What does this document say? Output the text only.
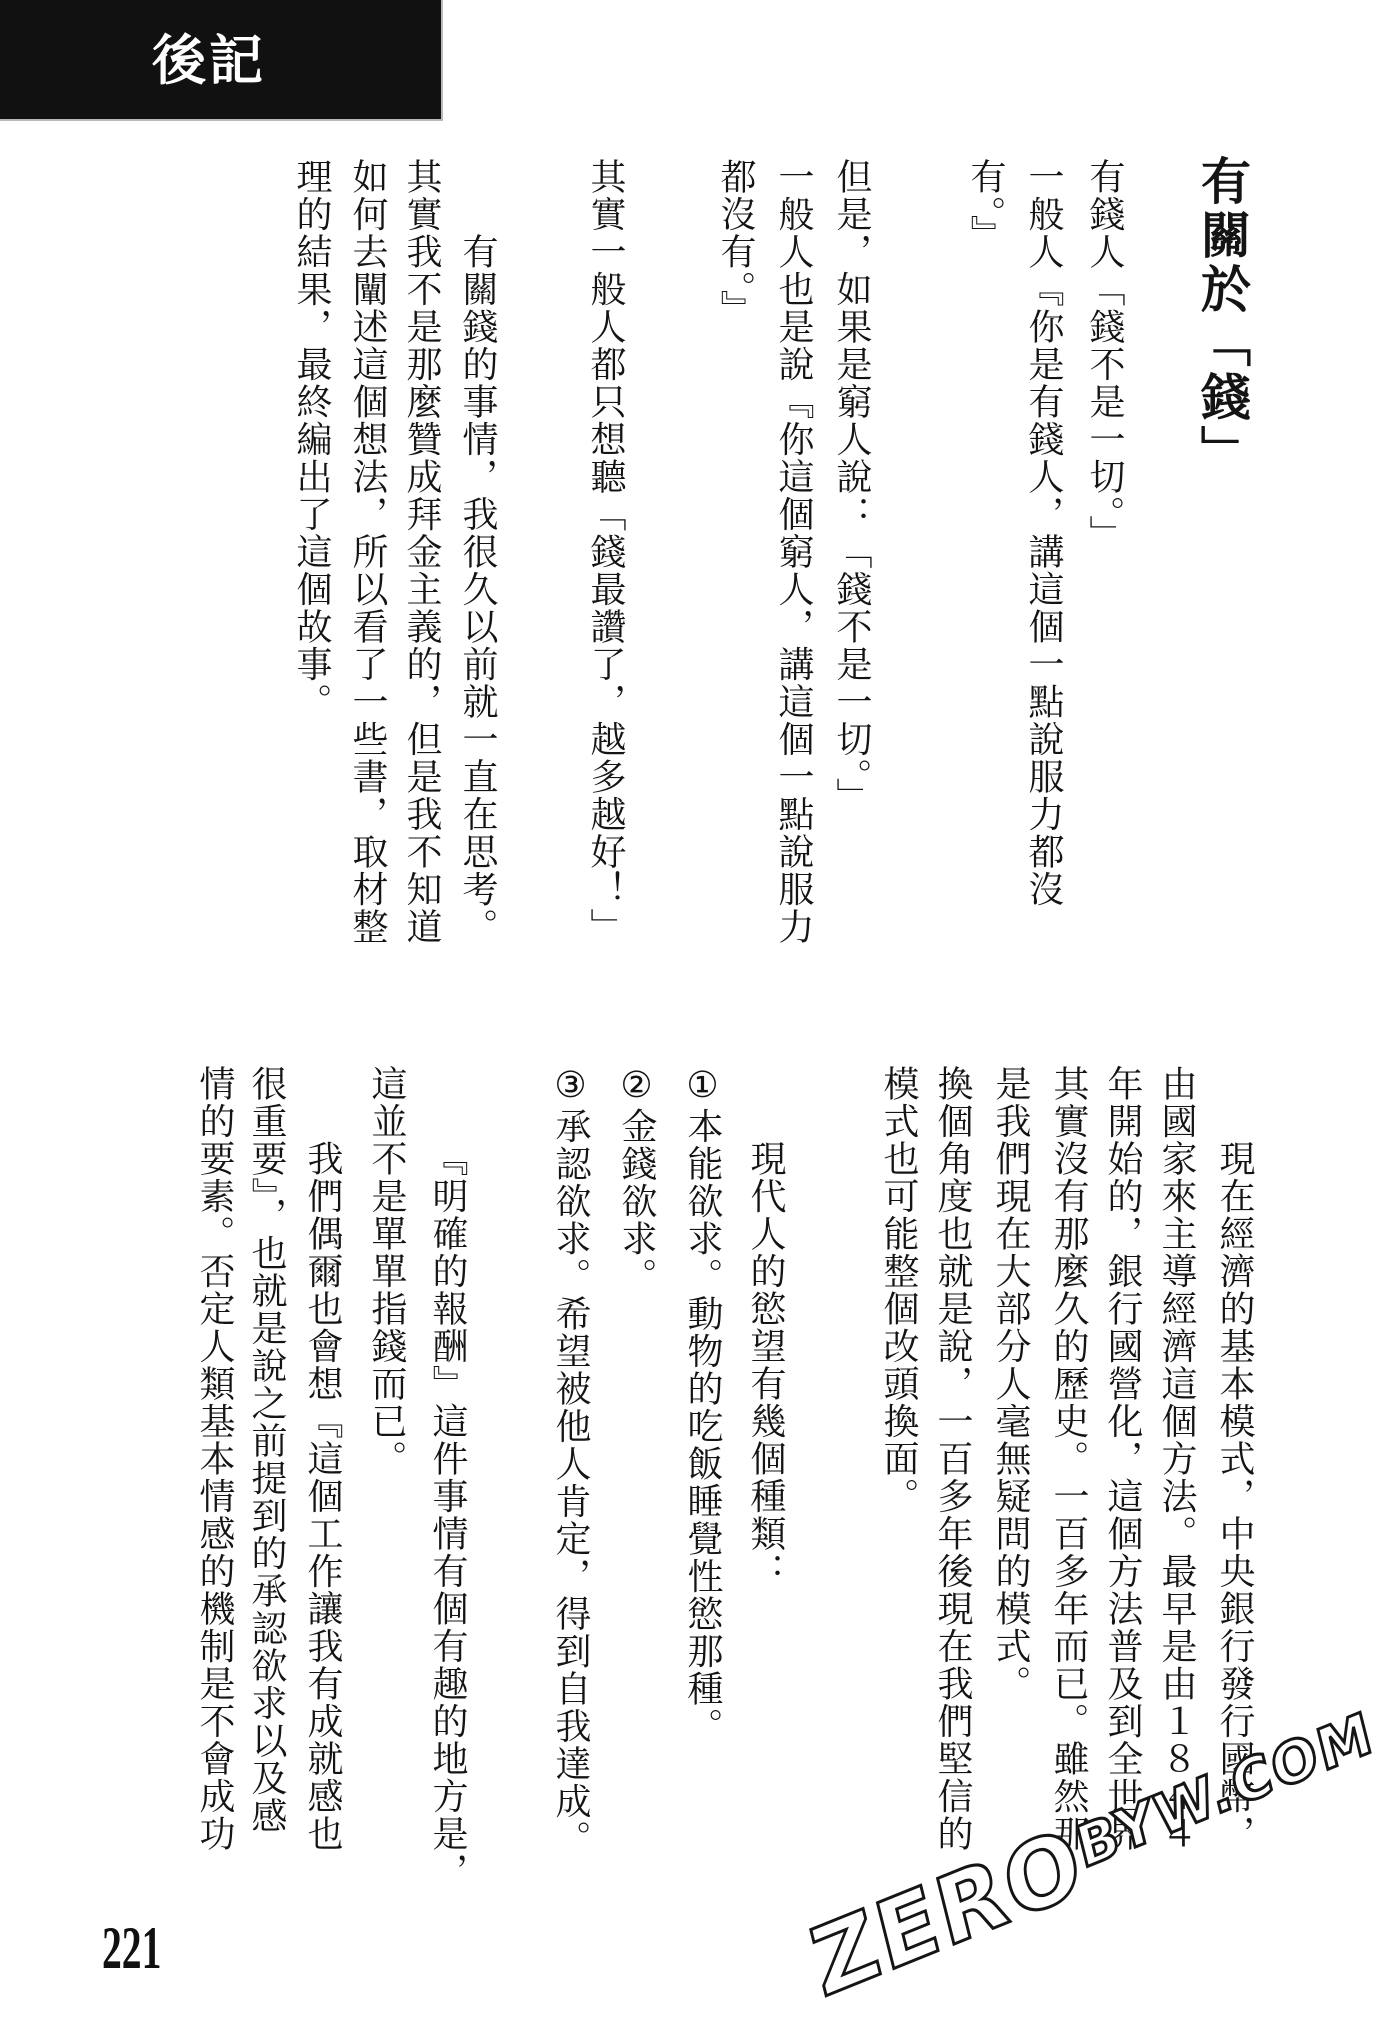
後記
有關於「錢」
有錢人「錢不是一切。」
一般人『你是有錢人，講這個一點說服力都沒
有。』
但是，如果是窮人說：「錢不是一切。」
一般人也是說『你這個窮人，講這個一點說服力
都沒有。』
其實一般人都只想聽「錢最讚了，越多越好！」
有關錢的事情，我很久以前就一直在思考。
其實我不是那麼贊成拜金主義的，但是我不知道
如何去闡述這個想法，所以看了一些書，取材整
理的結果，最終編出了這個故事。
現在經濟的基本模式，中央銀行發行國幣，
由國家來主導經濟這個方法。最早是由１８４４
年開始的，銀行國營化，這個方法普及到全世界
其實沒有那麼久的歷史。一百多年而已。雖然那
是我們現在大部分人毫無疑問的模式。
換個角度也就是說，一百多年後現在我們堅信的
模式也可能整個改頭換面。
現代人的慾望有幾個種類：
①本能欲求。動物的吃飯睡覺性慾那種。
②金錢欲求。
③承認欲求。希望被他人肯定，得到自我達成。
『明確的報酬』這件事情有個有趣的地方是，
這並不是單單指錢而已。
我們偶爾也會想『這個工作讓我有成就感也
很重要』，也就是說之前提到的承認欲求以及感
情的要素。否定人類基本情感的機制是不會成功
221	ZEROBYW.COM
